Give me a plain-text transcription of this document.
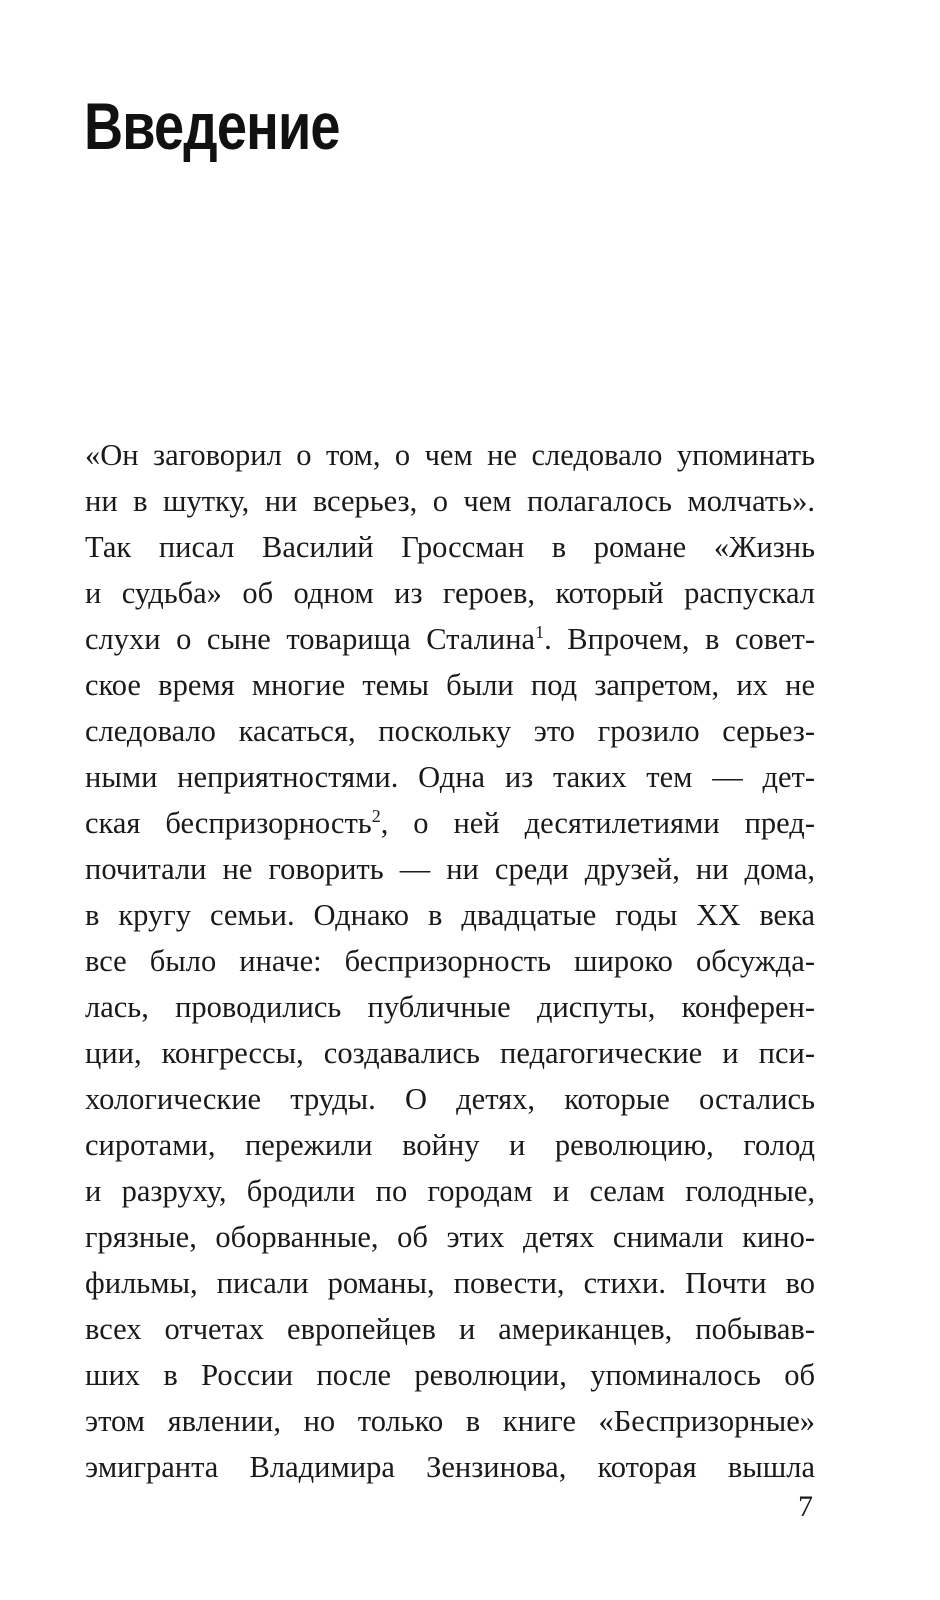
Введение
«Он заговорил о том, о чем не следовало упоминать
ни в шутку, ни всерьез, о чем полагалось молчать».
Так писал Василий Гроссман в романе «Жизнь
и судьба» об одном из героев, который распускал
слухи о сыне товарища Сталина$^1$. Впрочем, в совет-
ское время многие темы были под запретом, их не
следовало касаться, поскольку это грозило серьез-
ными неприятностями. Одна из таких тем — дет-
ская беспризорность$^2$, о ней десятилетиями пред-
почитали не говорить — ни среди друзей, ни дома,
в кругу семьи. Однако в двадцатые годы XX века
все было иначе: беспризорность широко обсужда-
лась, проводились публичные диспуты, конферен-
ции, конгрессы, создавались педагогические и пси-
хологические труды. О детях, которые остались
сиротами, пережили войну и революцию, голод
и разруху, бродили по городам и селам голодные,
грязные, оборванные, об этих детях снимали кино-
фильмы, писали романы, повести, стихи. Почти во
всех отчетах европейцев и американцев, побывав-
ших в России после революции, упоминалось об
этом явлении, но только в книге «Беспризорные»
эмигранта Владимира Зензинова, которая вышла
7
